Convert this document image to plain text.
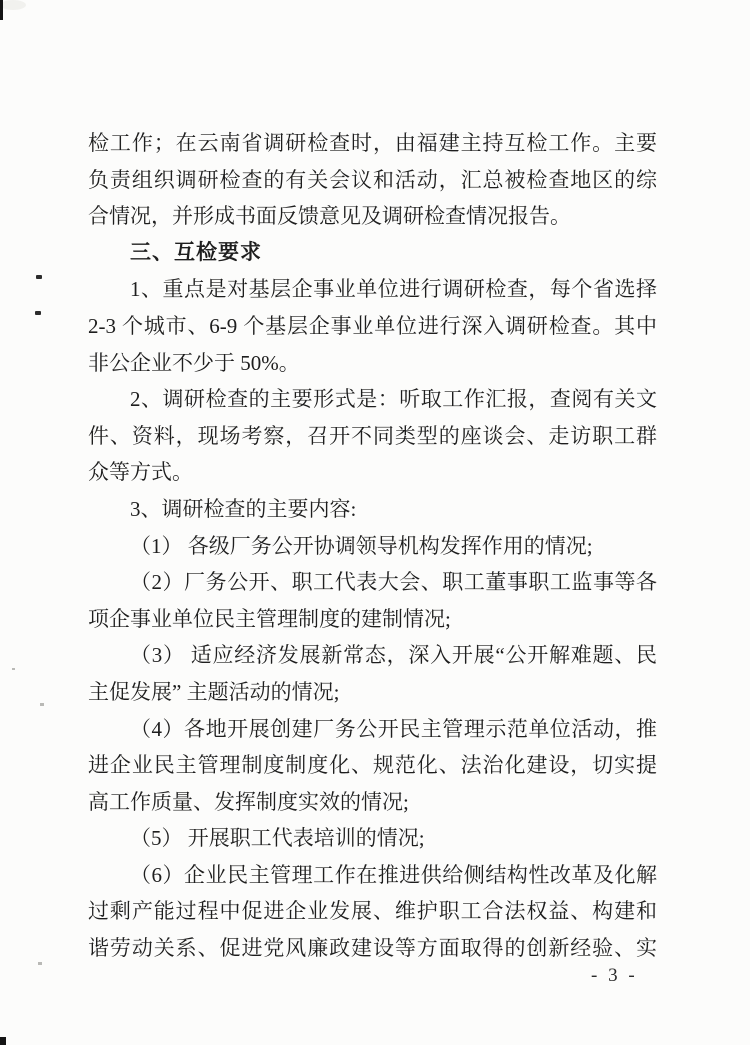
检工作；在云南省调研检查时，由福建主持互检工作。主要
负责组织调研检查的有关会议和活动，汇总被检查地区的综
合情况，并形成书面反馈意见及调研检查情况报告。
三、互检要求
1、重点是对基层企事业单位进行调研检查，每个省选择
2-3 个城市、6-9 个基层企事业单位进行深入调研检查。其中
非公企业不少于 50%。
2、调研检查的主要形式是：听取工作汇报，查阅有关文
件、资料，现场考察，召开不同类型的座谈会、走访职工群
众等方式。
3、调研检查的主要内容:
（1） 各级厂务公开协调领导机构发挥作用的情况;
（2）厂务公开、职工代表大会、职工董事职工监事等各
项企事业单位民主管理制度的建制情况;
（3） 适应经济发展新常态，深入开展“公开解难题、民
主促发展” 主题活动的情况;
（4）各地开展创建厂务公开民主管理示范单位活动，推
进企业民主管理制度制度化、规范化、法治化建设，切实提
高工作质量、发挥制度实效的情况;
（5） 开展职工代表培训的情况;
（6）企业民主管理工作在推进供给侧结构性改革及化解
过剩产能过程中促进企业发展、维护职工合法权益、构建和
谐劳动关系、促进党风廉政建设等方面取得的创新经验、实
- 3 -
